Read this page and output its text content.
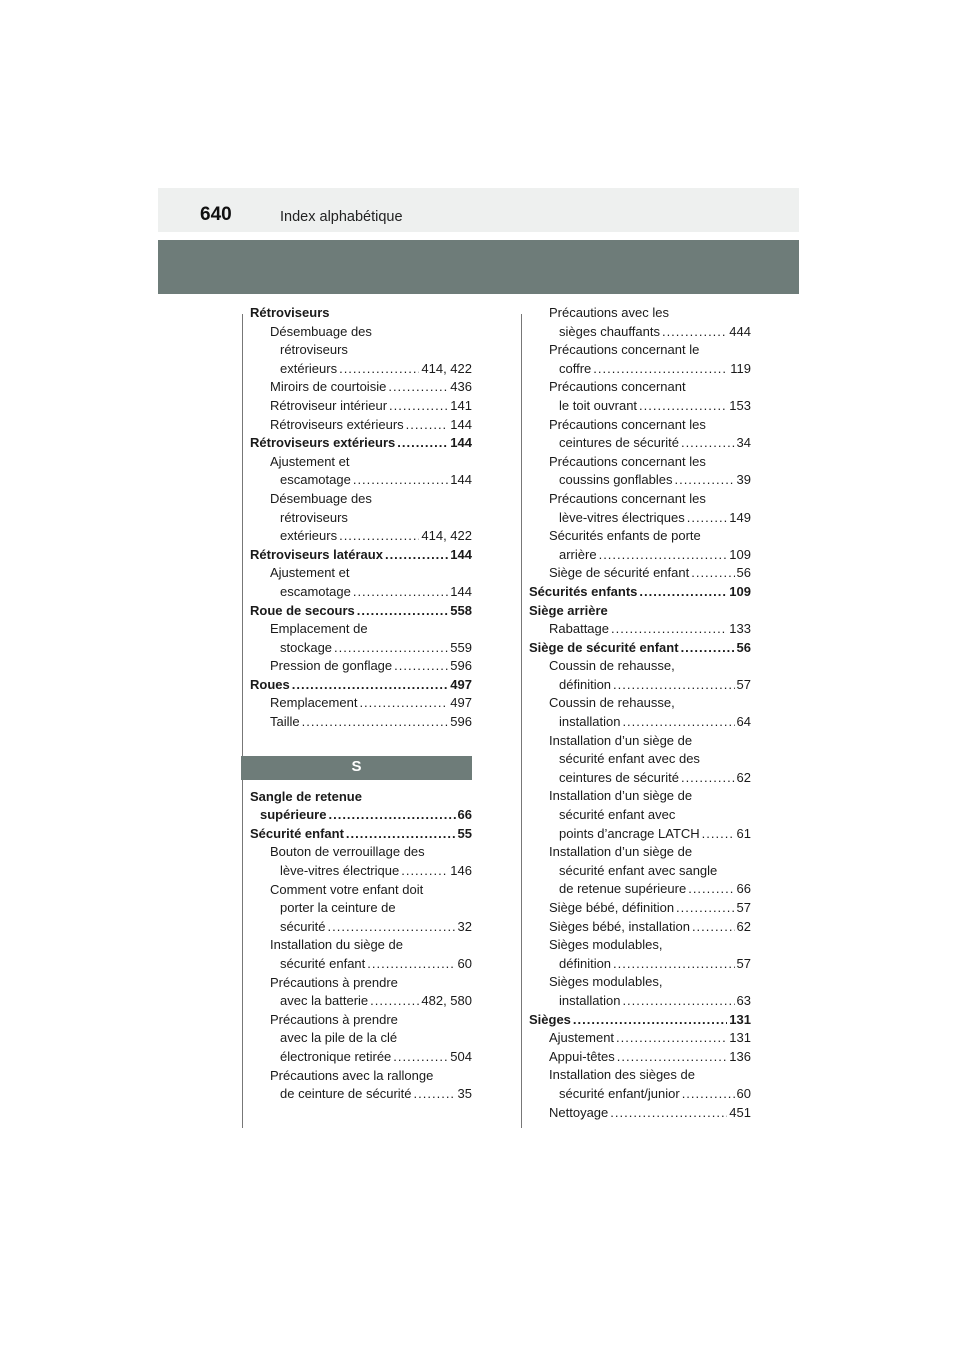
640	Index alphabétique
Rétroviseurs
Désembuage des
rétroviseurs
extérieurs .....	414, 422
Miroirs de courtoisie .....	436
Rétroviseur intérieur .....	141
Rétroviseurs extérieurs .....	144
Rétroviseurs extérieurs .....	144
Ajustement et
escamotage .....	144
Désembuage des
rétroviseurs
extérieurs .....	414, 422
Rétroviseurs latéraux .....	144
Ajustement et
escamotage .....	144
Roue de secours .....	558
Emplacement de
stockage .....	559
Pression de gonflage .....	596
Roues .....	497
Remplacement .....	497
Taille .....	596
S
Sangle de retenue
supérieure .....	66
Sécurité enfant .....	55
Bouton de verrouillage des
lève-vitres électrique .....	146
Comment votre enfant doit
porter la ceinture de
sécurité .....	32
Installation du siège de
sécurité enfant .....	60
Précautions à prendre
avec la batterie .....	482, 580
Précautions à prendre
avec la pile de la clé
électronique retirée .....	504
Précautions avec la rallonge
de ceinture de sécurité .....	35
Précautions avec les
sièges chauffants .....	444
Précautions concernant le
coffre .....	119
Précautions concernant
le toit ouvrant .....	153
Précautions concernant les
ceintures de sécurité .....	34
Précautions concernant les
coussins gonflables .....	39
Précautions concernant les
lève-vitres électriques .....	149
Sécurités enfants de porte
arrière .....	109
Siège de sécurité enfant .....	56
Sécurités enfants .....	109
Siège arrière
Rabattage .....	133
Siège de sécurité enfant .....	56
Coussin de rehausse,
définition .....	57
Coussin de rehausse,
installation .....	64
Installation d’un siège de
sécurité enfant avec des
ceintures de sécurité .....	62
Installation d’un siège de
sécurité enfant avec
points d’ancrage LATCH .....	61
Installation d’un siège de
sécurité enfant avec sangle
de retenue supérieure .....	66
Siège bébé, définition .....	57
Sièges bébé, installation .....	62
Sièges modulables,
définition .....	57
Sièges modulables,
installation .....	63
Sièges .....	131
Ajustement .....	131
Appui-têtes .....	136
Installation des sièges de
sécurité enfant/junior .....	60
Nettoyage .....	451
